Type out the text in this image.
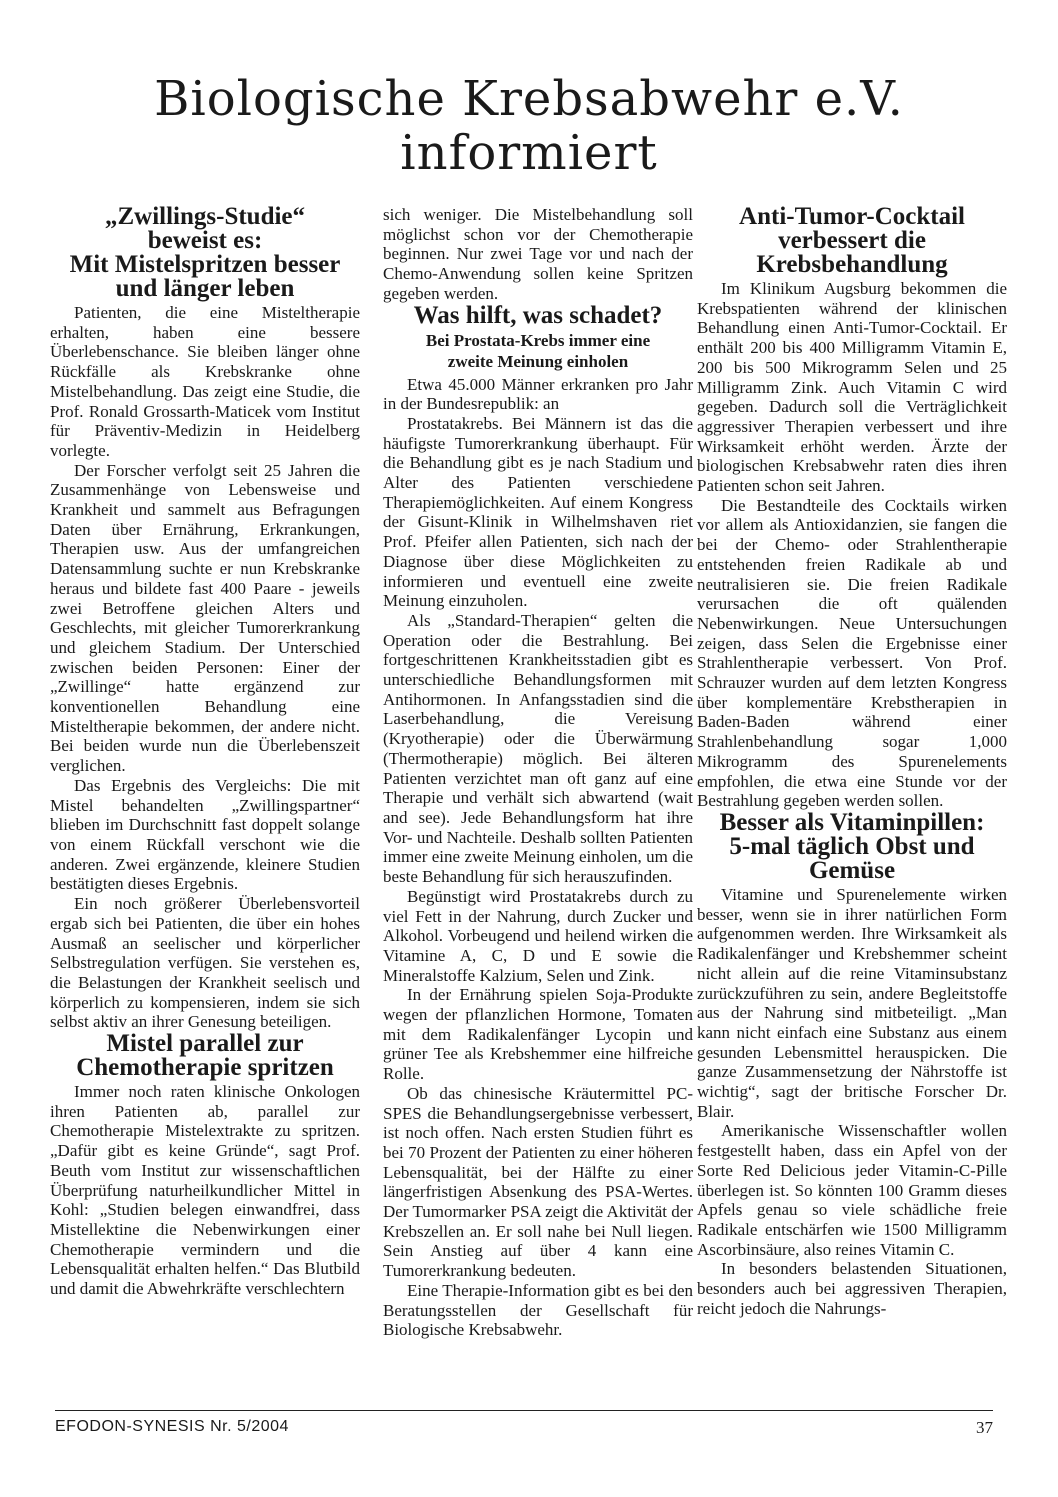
Biologische Krebsabwehr e.V.
informiert
„Zwillings-Studie“
beweist es:
Mit Mistelspritzen besser
und länger leben

Patienten, die eine Misteltherapie erhalten, haben eine bessere Überlebenschance. Sie bleiben länger ohne Rückfälle als Krebskranke ohne Mistelbehandlung. Das zeigt eine Studie, die Prof. Ronald Grossarth-Maticek vom Institut für Präventiv-Medizin in Heidelberg vorlegte.

Der Forscher verfolgt seit 25 Jahren die Zusammenhänge von Lebensweise und Krankheit und sammelt aus Befragungen Daten über Ernährung, Erkrankungen, Therapien usw. Aus der umfangreichen Datensammlung suchte er nun Krebskranke heraus und bildete fast 400 Paare - jeweils zwei Betroffene gleichen Alters und Geschlechts, mit gleicher Tumorerkrankung und gleichem Stadium. Der Unterschied zwischen beiden Personen: Einer der „Zwillinge“ hatte ergänzend zur konventionellen Behandlung eine Misteltherapie bekommen, der andere nicht. Bei beiden wurde nun die Überlebenszeit verglichen.

Das Ergebnis des Vergleichs: Die mit Mistel behandelten „Zwillingspartner“ blieben im Durchschnitt fast doppelt solange von einem Rückfall verschont wie die anderen. Zwei ergänzende, kleinere Studien bestätigten dieses Ergebnis.

Ein noch größerer Überlebensvorteil ergab sich bei Patienten, die über ein hohes Ausmaß an seelischer und körperlicher Selbstregulation verfügen. Sie verstehen es, die Belastungen der Krankheit seelisch und körperlich zu kompensieren, indem sie sich selbst aktiv an ihrer Genesung beteiligen.

Mistel parallel zur
Chemotherapie spritzen

Immer noch raten klinische Onkologen ihren Patienten ab, parallel zur Chemotherapie Mistelextrakte zu spritzen. „Dafür gibt es keine Gründe“, sagt Prof. Beuth vom Institut zur wissenschaftlichen Überprüfung naturheilkundlicher Mittel in Kohl: „Studien belegen einwandfrei, dass Mistellektine die Nebenwirkungen einer Chemotherapie vermindern und die Lebensqualität erhalten helfen.“ Das Blutbild und damit die Abwehrkräfte verschlechtern

sich weniger. Die Mistelbehandlung soll möglichst schon vor der Chemotherapie beginnen. Nur zwei Tage vor und nach der Chemo-Anwendung sollen keine Spritzen gegeben werden.

Was hilft, was schadet?
Bei Prostata-Krebs immer eine
zweite Meinung einholen

Etwa 45.000 Männer erkranken pro Jahr in der Bundesrepublik: an

Prostatakrebs. Bei Männern ist das die häufigste Tumorerkrankung überhaupt. Für die Behandlung gibt es je nach Stadium und Alter des Patienten verschiedene Therapiemöglichkeiten. Auf einem Kongress der Gisunt-Klinik in Wilhelmshaven riet Prof. Pfeifer allen Patienten, sich nach der Diagnose über diese Möglichkeiten zu informieren und eventuell eine zweite Meinung einzuholen.

Als „Standard-Therapien“ gelten die Operation oder die Bestrahlung. Bei fortgeschrittenen Krankheitsstadien gibt es unterschiedliche Behandlungsformen mit Antihormonen. In Anfangsstadien sind die Laserbehandlung, die Vereisung (Kryotherapie) oder die Überwärmung (Thermotherapie) möglich. Bei älteren Patienten verzichtet man oft ganz auf eine Therapie und verhält sich abwartend (wait and see). Jede Behandlungsform hat ihre Vor- und Nachteile. Deshalb sollten Patienten immer eine zweite Meinung einholen, um die beste Behandlung für sich herauszufinden.

Begünstigt wird Prostatakrebs durch zu viel Fett in der Nahrung, durch Zucker und Alkohol. Vorbeugend und heilend wirken die Vitamine A, C, D und E sowie die Mineralstoffe Kalzium, Selen und Zink.

In der Ernährung spielen Soja-Produkte wegen der pflanzlichen Hormone, Tomaten mit dem Radikalenfänger Lycopin und grüner Tee als Krebshemmer eine hilfreiche Rolle.

Ob das chinesische Kräutermittel PC-SPES die Behandlungsergebnisse verbessert, ist noch offen. Nach ersten Studien führt es bei 70 Prozent der Patienten zu einer höheren Lebensqualität, bei der Hälfte zu einer längerfristigen Absenkung des PSA-Wertes. Der Tumormarker PSA zeigt die Aktivität der Krebszellen an. Er soll nahe bei Null liegen. Sein Anstieg auf über 4 kann eine Tumorerkrankung bedeuten.

Eine Therapie-Information gibt es bei den Beratungsstellen der Gesellschaft für Biologische Krebsabwehr.

Anti-Tumor-Cocktail
verbessert die
Krebsbehandlung

Im Klinikum Augsburg bekommen die Krebspatienten während der klinischen Behandlung einen Anti-Tumor-Cocktail. Er enthält 200 bis 400 Milligramm Vitamin E, 200 bis 500 Mikrogramm Selen und 25 Milligramm Zink. Auch Vitamin C wird gegeben. Dadurch soll die Verträglichkeit aggressiver Therapien verbessert und ihre Wirksamkeit erhöht werden. Ärzte der biologischen Krebsabwehr raten dies ihren Patienten schon seit Jahren.

Die Bestandteile des Cocktails wirken vor allem als Antioxidanzien, sie fangen die bei der Chemo- oder Strahlentherapie entstehenden freien Radikale ab und neutralisieren sie. Die freien Radikale verursachen die oft quälenden Nebenwirkungen. Neue Untersuchungen zeigen, dass Selen die Ergebnisse einer Strahlentherapie verbessert. Von Prof. Schrauzer wurden auf dem letzten Kongress über komplementäre Krebstherapien in Baden-Baden während einer Strahlenbehandlung sogar 1,000 Mikrogramm des Spurenelements empfohlen, die etwa eine Stunde vor der Bestrahlung gegeben werden sollen.

Besser als Vitaminpillen:
5-mal täglich Obst und
Gemüse

Vitamine und Spurenelemente wirken besser, wenn sie in ihrer natürlichen Form aufgenommen werden. Ihre Wirksamkeit als Radikalenfänger und Krebshemmer scheint nicht allein auf die reine Vitaminsubstanz zurückzuführen zu sein, andere Begleitstoffe aus der Nahrung sind mitbeteiligt. „Man kann nicht einfach eine Substanz aus einem gesunden Lebensmittel herauspicken. Die ganze Zusammensetzung der Nährstoffe ist wichtig“, sagt der britische Forscher Dr. Blair.

Amerikanische Wissenschaftler wollen festgestellt haben, dass ein Apfel von der Sorte Red Delicious jeder Vitamin-C-Pille überlegen ist. So könnten 100 Gramm dieses Apfels genau so viele schädliche freie Radikale entschärfen wie 1500 Milligramm Ascorbinsäure, also reines Vitamin C.

In besonders belastenden Situationen, besonders auch bei aggressiven Therapien, reicht jedoch die Nahrungs-

EFODON-SYNESIS Nr. 5/2004	37
